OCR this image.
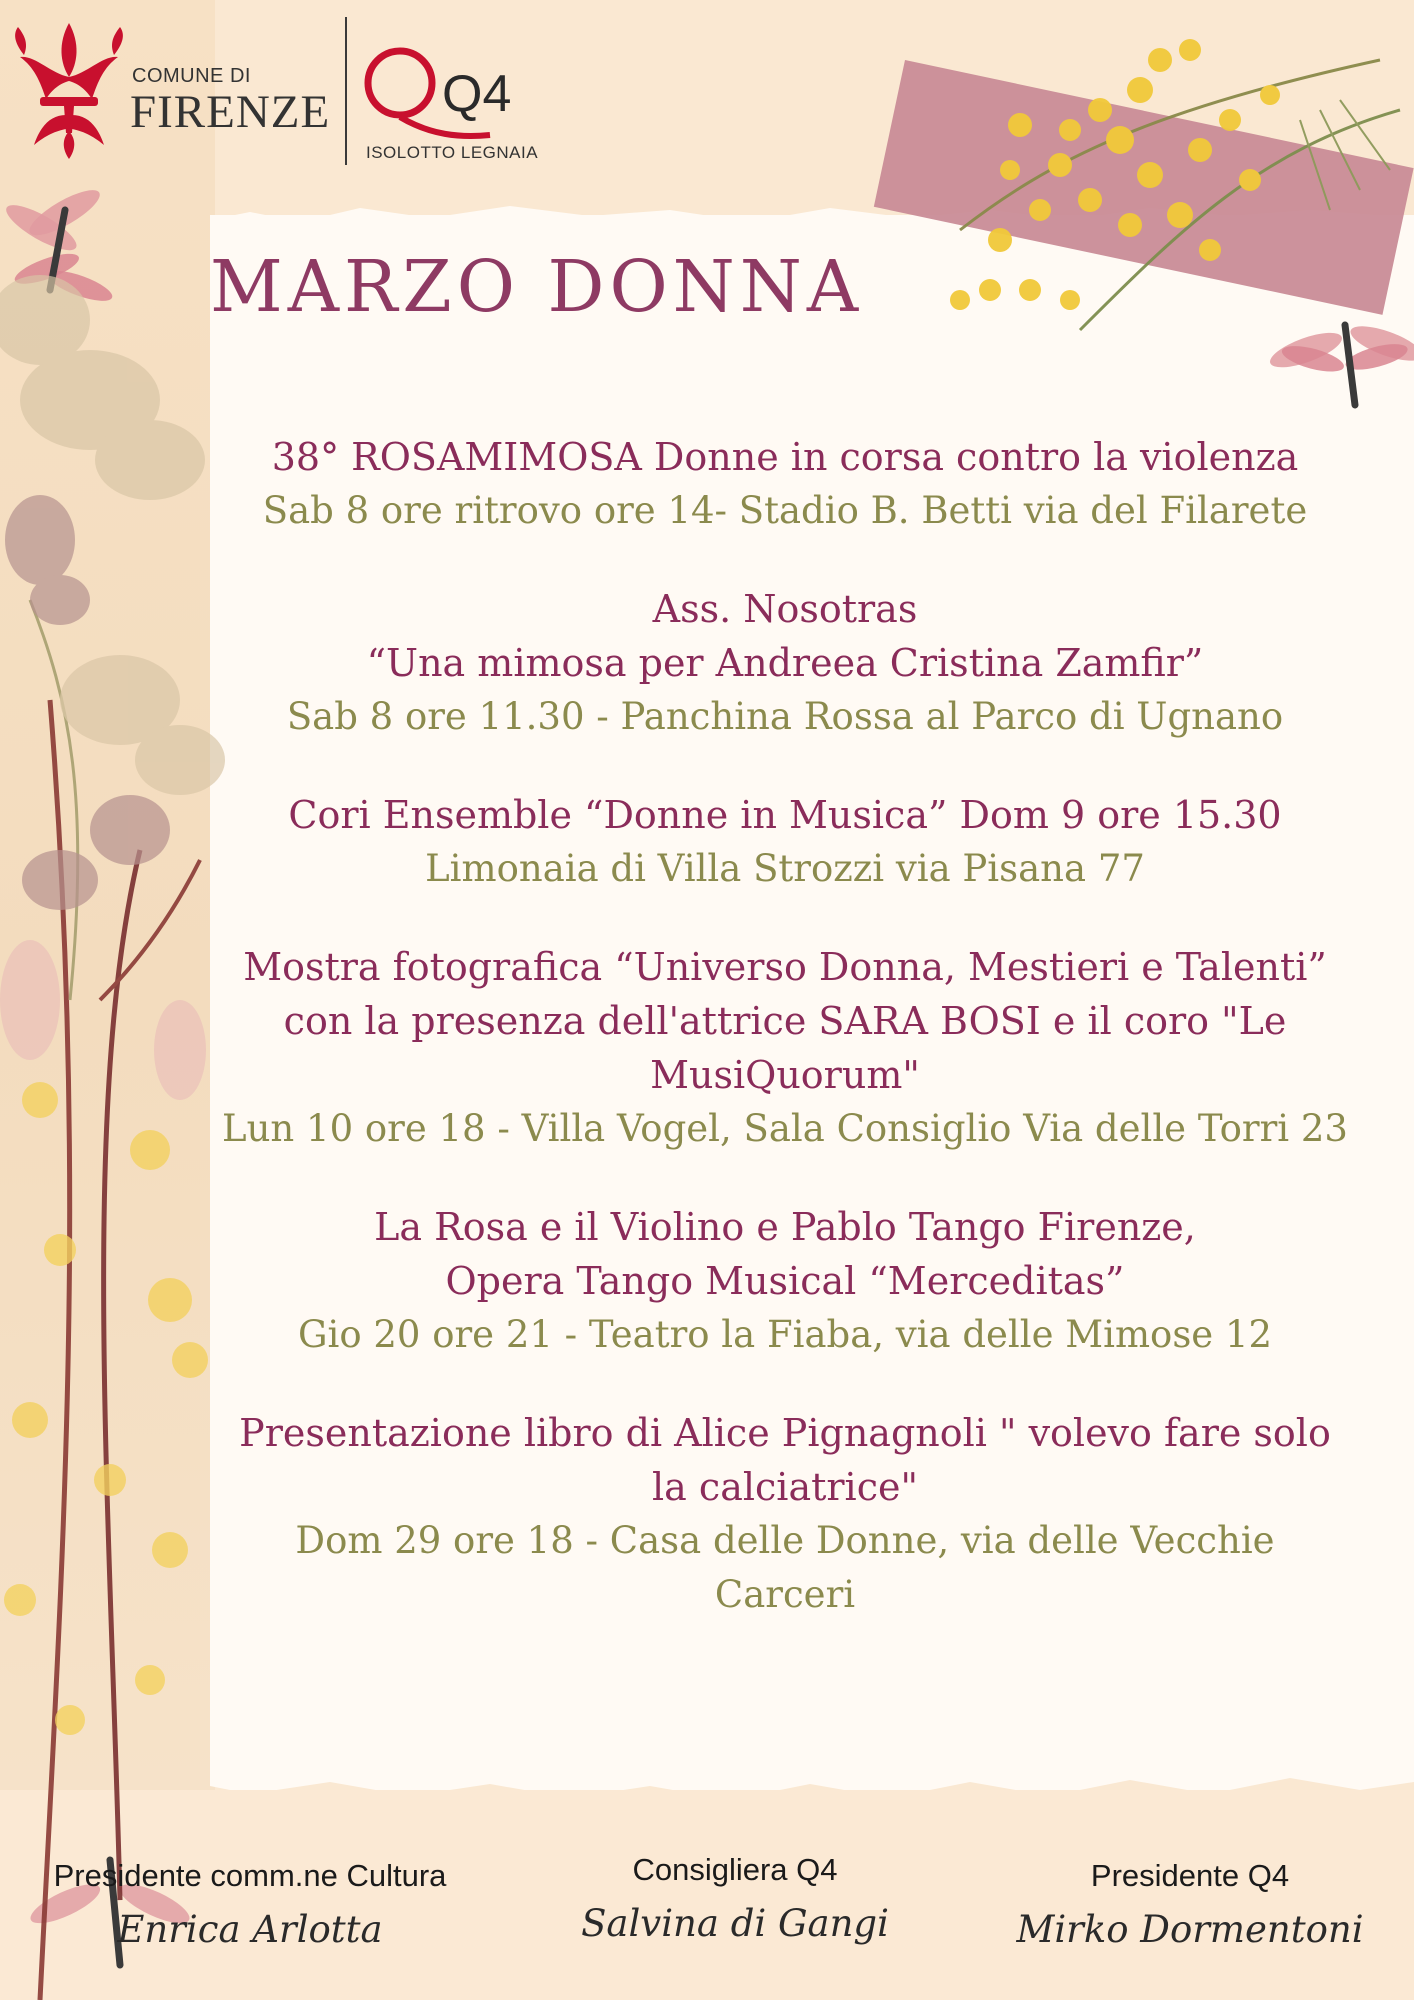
COMUNE DI
FIRENZE Q4
ISOLOTTO LEGNAIA
MARZO DONNA

38° ROSAMIMOSA Donne in corsa contro la violenza

Sab 8 ore ritrovo ore 14- Stadio B. Betti via del Filarete

Ass. Nosotras

“Una mimosa per Andreea Cristina Zamfir”

Sab 8 ore 11.30 - Panchina Rossa al Parco di Ugnano

Cori Ensemble “Donne in Musica” Dom 9 ore 15.30

Limonaia di Villa Strozzi via Pisana 77

Mostra fotografica “Universo Donna, Mestieri e Talenti”

con la presenza dell'attrice SARA BOSI e il coro "Le

MusiQuorum"

Lun 10 ore 18 - Villa Vogel, Sala Consiglio Via delle Torri 23

La Rosa e il Violino e Pablo Tango Firenze,

Opera Tango Musical “Merceditas”

Gio 20 ore 21 - Teatro la Fiaba, via delle Mimose 12

Presentazione libro di Alice Pignagnoli " volevo fare solo

la calciatrice"

Dom 29 ore 18 - Casa delle Donne, via delle Vecchie

Carceri

Presidente comm.ne Cultura
Enrica Arlotta
Consigliera Q4
Salvina di Gangi
Presidente Q4
Mirko Dormentoni
